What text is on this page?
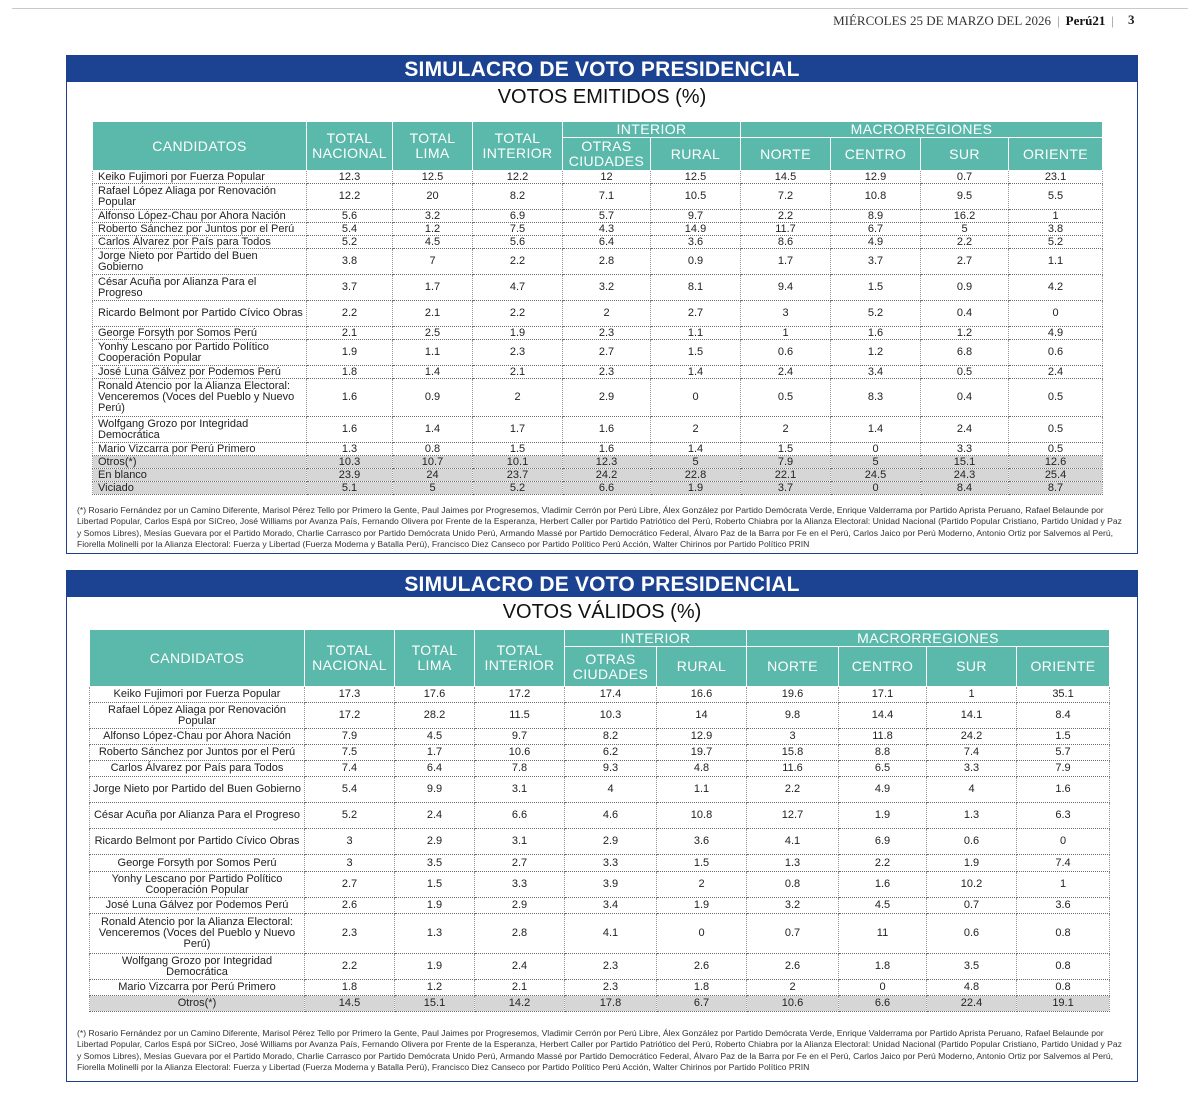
MIÉRCOLES 25 DE MARZO DEL 2026 | Perú21 |	3
SIMULACRO DE VOTO PRESIDENCIAL
VOTOS EMITIDOS (%)
CANDIDATOS	TOTAL NACIONAL	TOTAL LIMA	TOTAL INTERIOR	INTERIOR		MACRORREGIONES			
				OTRAS CIUDADES	RURAL	NORTE	CENTRO	SUR	ORIENTE
Keiko Fujimori por Fuerza Popular	12.3	12.5	12.2	12	12.5	14.5	12.9	0.7	23.1
Rafael López Aliaga por Renovación Popular	12.2	20	8.2	7.1	10.5	7.2	10.8	9.5	5.5
Alfonso López-Chau por Ahora Nación	5.6	3.2	6.9	5.7	9.7	2.2	8.9	16.2	1
Roberto Sánchez por Juntos por el Perú	5.4	1.2	7.5	4.3	14.9	11.7	6.7	5	3.8
Carlos Álvarez por País para Todos	5.2	4.5	5.6	6.4	3.6	8.6	4.9	2.2	5.2
Jorge Nieto por Partido del Buen Gobierno	3.8	7	2.2	2.8	0.9	1.7	3.7	2.7	1.1
César Acuña por Alianza Para el Progreso	3.7	1.7	4.7	3.2	8.1	9.4	1.5	0.9	4.2
Ricardo Belmont por Partido Cívico Obras	2.2	2.1	2.2	2	2.7	3	5.2	0.4	0
George Forsyth por Somos Perú	2.1	2.5	1.9	2.3	1.1	1	1.6	1.2	4.9
Yonhy Lescano por Partido Político Cooperación Popular	1.9	1.1	2.3	2.7	1.5	0.6	1.2	6.8	0.6
José Luna Gálvez por Podemos Perú	1.8	1.4	2.1	2.3	1.4	2.4	3.4	0.5	2.4
Ronald Atencio por la Alianza Electoral: Venceremos (Voces del Pueblo y Nuevo Perú)	1.6	0.9	2	2.9	0	0.5	8.3	0.4	0.5
Wolfgang Grozo por Integridad Democrática	1.6	1.4	1.7	1.6	2	2	1.4	2.4	0.5
Mario Vizcarra por Perú Primero	1.3	0.8	1.5	1.6	1.4	1.5	0	3.3	0.5
Otros(*)	10.3	10.7	10.1	12.3	5	7.9	5	15.1	12.6
En blanco	23.9	24	23.7	24.2	22.8	22.1	24.5	24.3	25.4
Viciado	5.1	5	5.2	6.6	1.9	3.7	0	8.4	8.7
(*) Rosario Fernández por un Camino Diferente, Marisol Pérez Tello por Primero la Gente, Paul Jaimes por Progresemos, Vladimir Cerrón por Perú Libre, Álex González por Partido Demócrata Verde, Enrique Valderrama por Partido Aprista Peruano, Rafael Belaunde por Libertad Popular, Carlos Espá por SíCreo, José Williams por Avanza País, Fernando Olivera por Frente de la Esperanza, Herbert Caller por Partido Patriótico del Perú, Roberto Chiabra por la Alianza Electoral: Unidad Nacional (Partido Popular Cristiano, Partido Unidad y Paz y Somos Libres), Mesías Guevara por el Partido Morado, Charlie Carrasco por Partido Demócrata Unido Perú, Armando Massé por Partido Democrático Federal, Álvaro Paz de la Barra por Fe en el Perú, Carlos Jaico por Perú Moderno, Antonio Ortiz por Salvemos al Perú, Fiorella Molinelli por la Alianza Electoral: Fuerza y Libertad (Fuerza Moderna y Batalla Perú), Francisco Diez Canseco por Partido Político Perú Acción, Walter Chirinos por Partido Político PRIN
SIMULACRO DE VOTO PRESIDENCIAL
VOTOS VÁLIDOS (%)
CANDIDATOS	TOTAL NACIONAL	TOTAL LIMA	TOTAL INTERIOR	INTERIOR		MACRORREGIONES			
				OTRAS CIUDADES	RURAL	NORTE	CENTRO	SUR	ORIENTE
Keiko Fujimori por Fuerza Popular	17.3	17.6	17.2	17.4	16.6	19.6	17.1	1	35.1
Rafael López Aliaga por Renovación Popular	17.2	28.2	11.5	10.3	14	9.8	14.4	14.1	8.4
Alfonso López-Chau por Ahora Nación	7.9	4.5	9.7	8.2	12.9	3	11.8	24.2	1.5
Roberto Sánchez por Juntos por el Perú	7.5	1.7	10.6	6.2	19.7	15.8	8.8	7.4	5.7
Carlos Álvarez por País para Todos	7.4	6.4	7.8	9.3	4.8	11.6	6.5	3.3	7.9
Jorge Nieto por Partido del Buen Gobierno	5.4	9.9	3.1	4	1.1	2.2	4.9	4	1.6
César Acuña por Alianza Para el Progreso	5.2	2.4	6.6	4.6	10.8	12.7	1.9	1.3	6.3
Ricardo Belmont por Partido Cívico Obras	3	2.9	3.1	2.9	3.6	4.1	6.9	0.6	0
George Forsyth por Somos Perú	3	3.5	2.7	3.3	1.5	1.3	2.2	1.9	7.4
Yonhy Lescano por Partido Político Cooperación Popular	2.7	1.5	3.3	3.9	2	0.8	1.6	10.2	1
José Luna Gálvez por Podemos Perú	2.6	1.9	2.9	3.4	1.9	3.2	4.5	0.7	3.6
Ronald Atencio por la Alianza Electoral: Venceremos (Voces del Pueblo y Nuevo Perú)	2.3	1.3	2.8	4.1	0	0.7	11	0.6	0.8
Wolfgang Grozo por Integridad Democrática	2.2	1.9	2.4	2.3	2.6	2.6	1.8	3.5	0.8
Mario Vizcarra por Perú Primero	1.8	1.2	2.1	2.3	1.8	2	0	4.8	0.8
Otros(*)	14.5	15.1	14.2	17.8	6.7	10.6	6.6	22.4	19.1
(*) Rosario Fernández por un Camino Diferente, Marisol Pérez Tello por Primero la Gente, Paul Jaimes por Progresemos, Vladimir Cerrón por Perú Libre, Álex González por Partido Demócrata Verde, Enrique Valderrama por Partido Aprista Peruano, Rafael Belaunde por Libertad Popular, Carlos Espá por SíCreo, José Williams por Avanza País, Fernando Olivera por Frente de la Esperanza, Herbert Caller por Partido Patriótico del Perú, Roberto Chiabra por la Alianza Electoral: Unidad Nacional (Partido Popular Cristiano, Partido Unidad y Paz y Somos Libres), Mesías Guevara por el Partido Morado, Charlie Carrasco por Partido Demócrata Unido Perú, Armando Massé por Partido Democrático Federal, Álvaro Paz de la Barra por Fe en el Perú, Carlos Jaico por Perú Moderno, Antonio Ortiz por Salvemos al Perú, Fiorella Molinelli por la Alianza Electoral: Fuerza y Libertad (Fuerza Moderna y Batalla Perú), Francisco Diez Canseco por Partido Político Perú Acción, Walter Chirinos por Partido Político PRIN
